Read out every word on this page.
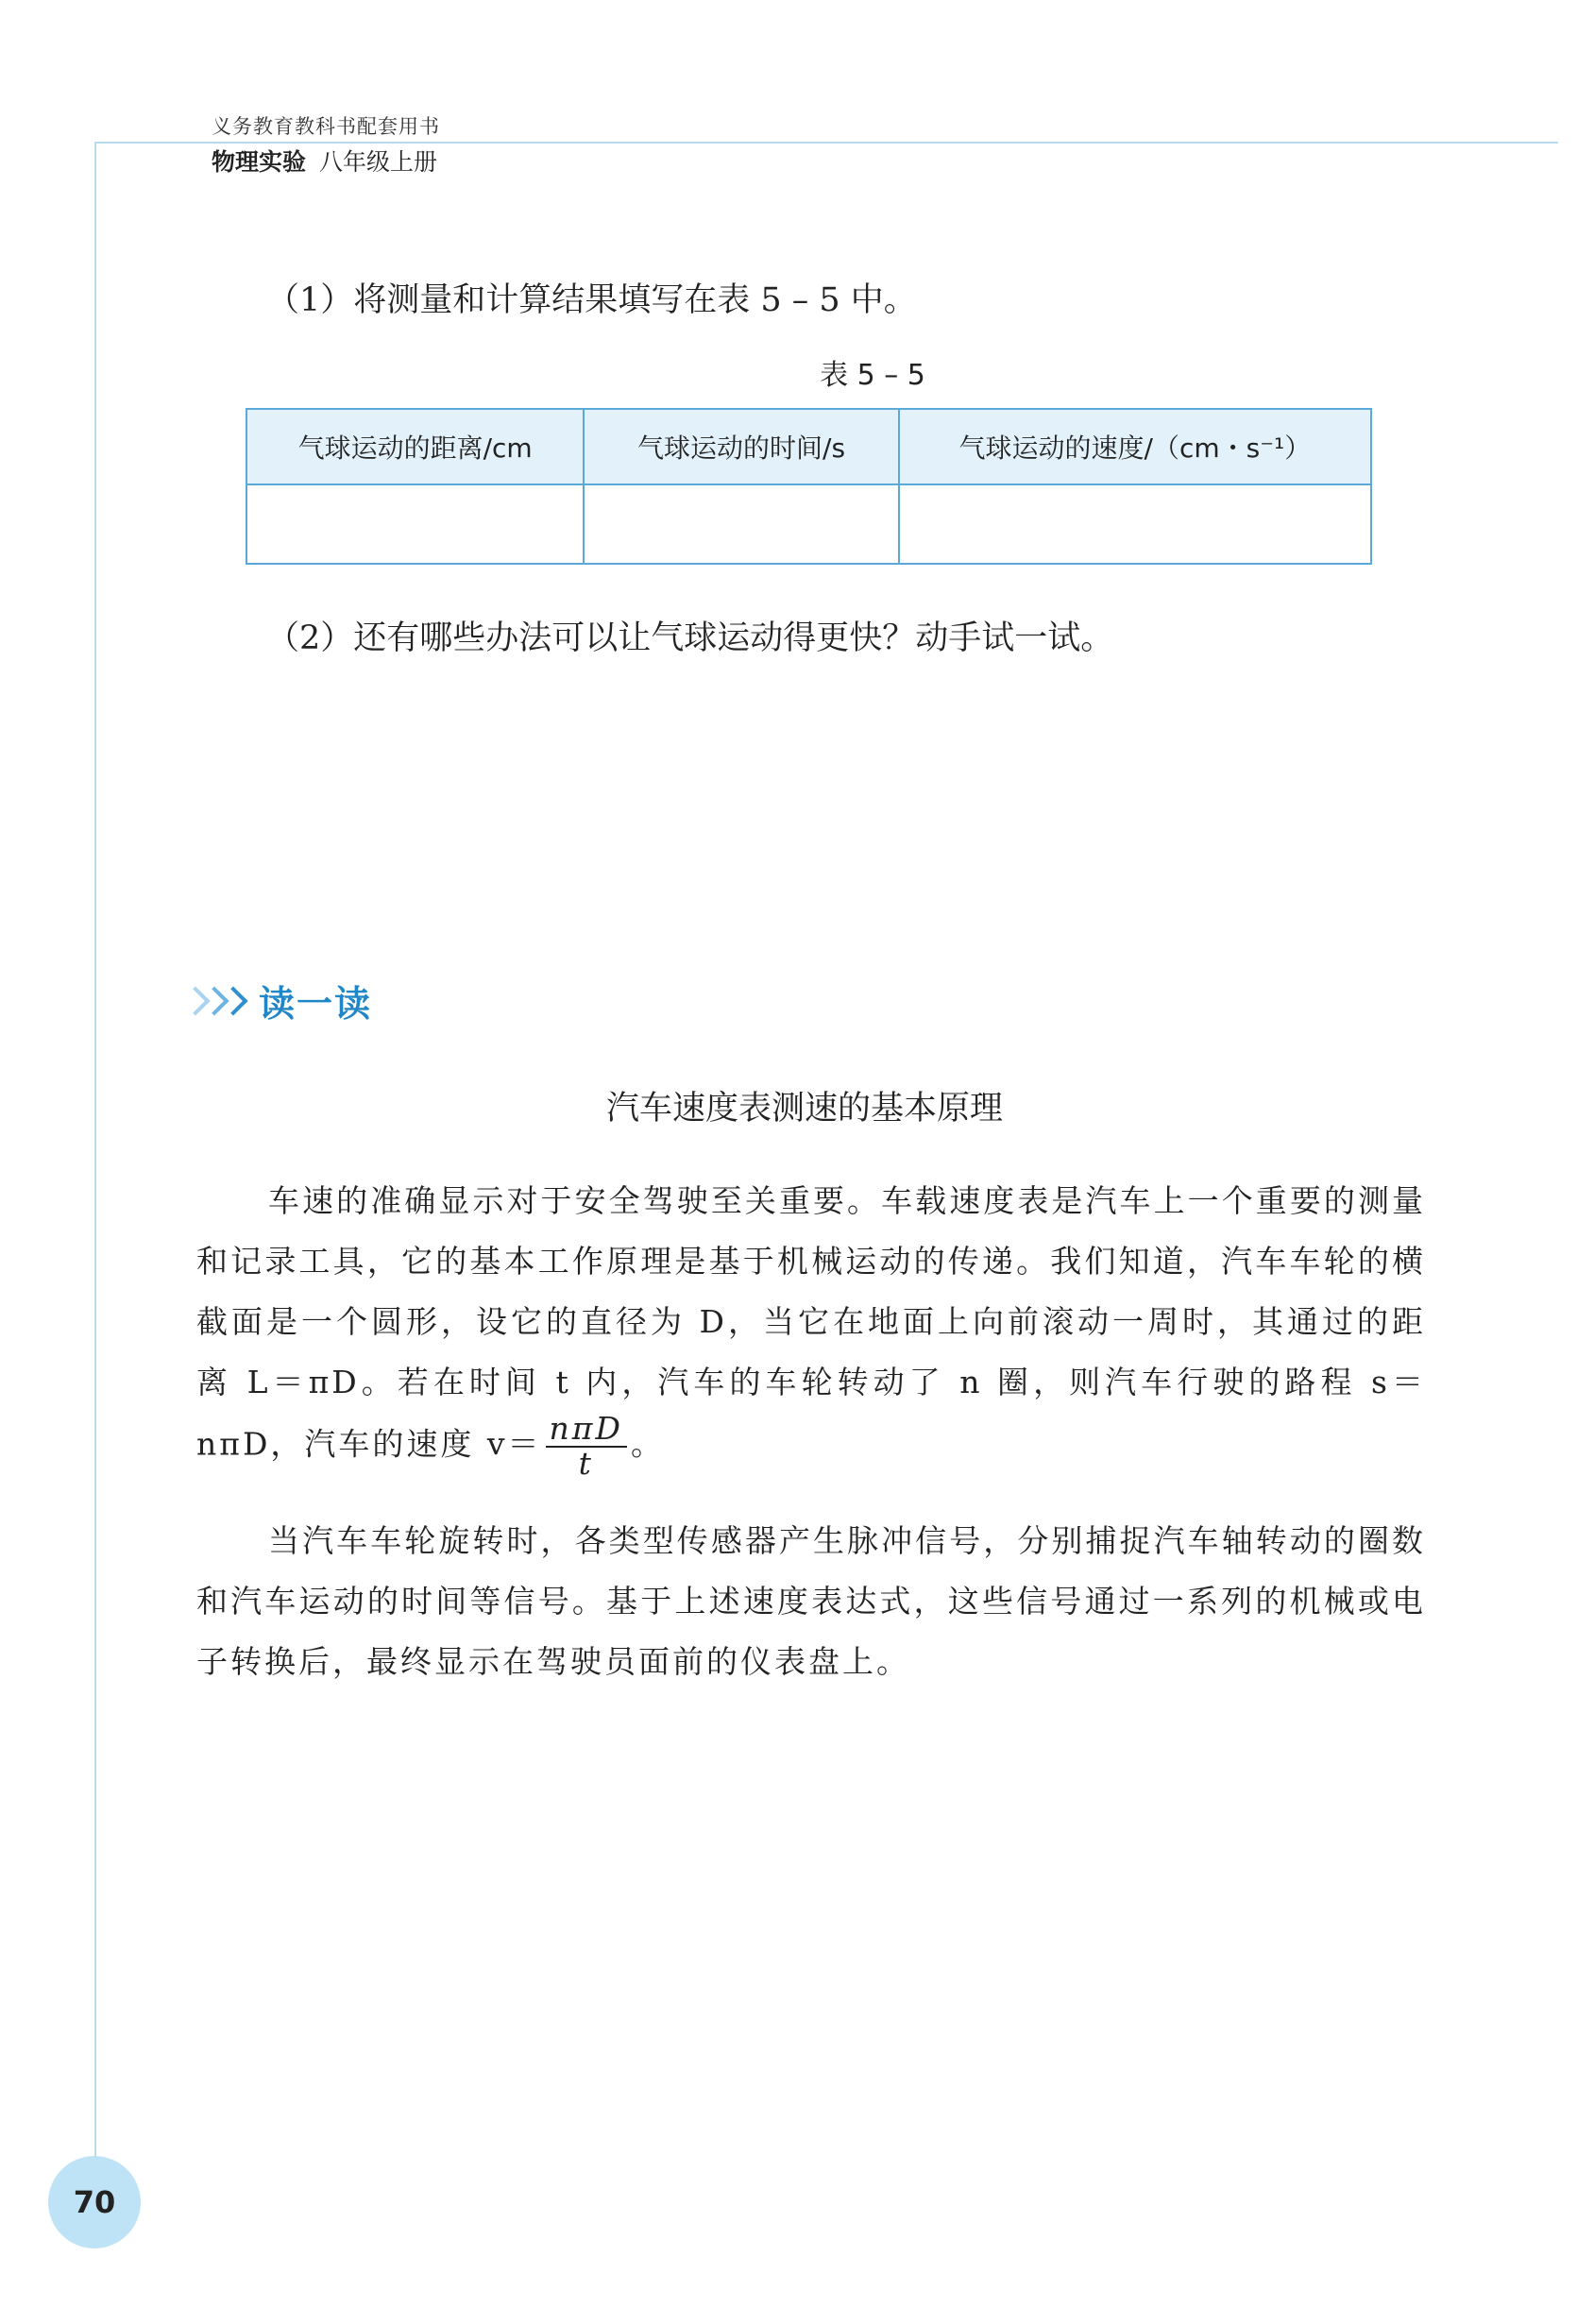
义务教育教科书配套用书
物理实验 八年级上册
（1）将测量和计算结果填写在表 5 – 5 中。
表 5 – 5
气球运动的距离/cm	气球运动的时间/s	气球运动的速度/（cm・s⁻¹）

（2）还有哪些办法可以让气球运动得更快？动手试一试。
读一读
汽车速度表测速的基本原理
车速的准确显示对于安全驾驶至关重要。车载速度表是汽车上一个重要的测量和记录工具，它的基本工作原理是基于机械运动的传递。我们知道，汽车车轮的横截面是一个圆形，设它的直径为 D，当它在地面上向前滚动一周时，其通过的距离 L＝πD。若在时间 t 内，汽车的车轮转动了 n 圈，则汽车行驶的路程 s＝nπD，汽车的速度 $v= \frac{\text{nπD}}{t}$ 。
当汽车车轮旋转时，各类型传感器产生脉冲信号，分别捕捉汽车轴转动的圈数和汽车运动的时间等信号。基于上述速度表达式，这些信号通过一系列的机械或电子转换后，最终显示在驾驶员面前的仪表盘上。
70
